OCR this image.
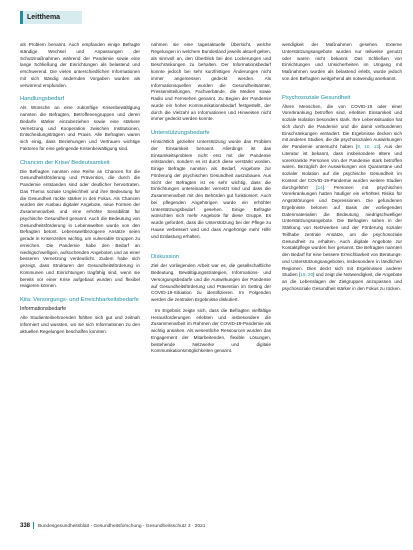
Leitthema

als Problem benannt. Auch empfanden einige Befragte ständige Wechsel und Anpassungen der Schutzmaßnahmen während der Pandemie sowie eine lange Schließung der Einrichtungen als belastend und erschwerend. Die vielen unterschiedlichen Informationen mit sich ständig ändernden Vorgaben wurden als verwirrend empfunden.

Handlungsbedarf

Als Wünsche an eine zukünftige Krisenbewältigung nannten die Befragten, Betroffenengruppen und deren Bedarfe stärker einzubeziehen sowie eine stärkere Vernetzung und Kooperation zwischen Institutionen, Entscheidungsträgern und Praxis. Alle Befragten waren sich einig, dass Beziehungen und Vertrauen wichtige Faktoren für eine gelingende Krisenbewältigung sind.

Chancen der Krise/ Bedeutsamkeit

Die Befragten nannten eine Reihe an Chancen für die Gesundheitsförderung und Prävention, die durch die Pandemie entstanden sind oder deutlicher hervortraten. Das Thema soziale Ungleichheit und ihre Bedeutung für die Gesundheit rückte stärker in den Fokus. Als Chancen wurden der Ausbau digitaler Angebote, neue Formen der Zusammenarbeit und eine erhöhte Sensibilität für psychische Gesundheit genannt. Auch die Bedeutung von Gesundheitsförderung in Lebenswelten wurde von den Befragten betont. Lebensweltbezogene Ansätze seien gerade in Krisenzeiten wichtig, um vulnerable Gruppen zu erreichen. Die Pandemie habe den Bedarf an niedrigschwelligen, aufsuchenden Angeboten und an einer besseren Vernetzung verdeutlicht. Zudem habe sich gezeigt, dass Strukturen der Gesundheitsförderung in Kommunen und Einrichtungen tragfähig sind, wenn sie bereits vor einer Krise aufgebaut wurden und flexibel reagieren können.

Kita: Versorgungs- und Erreichbarkeitsbedarfe
Informationsbedarfe

Alle Studienteilnehmenden fühlten sich gut und zeitnah informiert und wussten, wo sie sich Informationen zu den aktuellen Regelungen beschaffen konnten.

nahmen sie eine tagesaktuelle Übersicht, welche Regelungen in welchem Bundesland jeweils aktuell gelten, als sinnvoll an, den Überblick bei den Lockerungen und Beschränkungen zu behalten. Der Informationsbedarf konnte jedoch bei sehr kurzfristigen Änderungen nicht immer angemessen gedeckt werden. Als Informationsquellen wurden die Gesundheitsämter, Pressemitteilungen, Fachverbände, die Medien sowie Radio und Fernsehen genannt. Zu Beginn der Pandemie wurde ein hoher Kommunikationsbedarf festgestellt, der durch die Vielzahl an Informationen und Hinweisen nicht immer gedeckt werden konnte.

Unterstützungsbedarfe

Hinsichtlich gezielter Unterstützung wurde das Problem der Einsamkeit benannt. Allerdings ist das Einsamkeitsproblem nicht erst mit der Pandemie entstanden, sondern es ist durch diese verstärkt worden. Einige Befragte nannten als Bedarf, Angebote zur Förderung der psychischen Gesundheit auszubauen. Aus Sicht der Befragten ist es sehr wichtig, dass die Einrichtungen untereinander vernetzt sind und dass die Zusammenarbeit mit den Behörden gut funktioniert. Auch bei pflegenden Angehörigen wurde ein erhöhter Unterstützungsbedarf gesehen. Einige Befragte wünschten sich mehr Angebote für diese Gruppe. Es wurde gefordert, dass die Unterstützung bei der Pflege zu Hause verbessert wird und dass Angehörige mehr Hilfe und Entlastung erhalten.

Diskussion

Ziel der vorliegenden Arbeit war es, die gesellschaftliche Bedeutung, Bewältigungsstrategien, Informations- und Versorgungsbedarfe und die Auswirkungen der Pandemie auf Gesundheitsförderung und Prävention im Setting der COVID-19-Situation zu identifizieren. Im Folgenden werden die zentralen Ergebnisse diskutiert.

Im Ergebnis zeigte sich, dass die Befragten vielfältige Herausforderungen erlebten und insbesondere die Zusammenarbeit im Rahmen der COVID-19-Pandemie als wichtig ansahen. Als wesentliche Ressourcen wurden das Engagement der Mitarbeitenden, flexible Lösungen, bestehende Netzwerke und digitale Kommunikationsmöglichkeiten genannt.

wendigkeit der Maßnahmen gesehen. Externe Unterstützungsangebote wurden nur teilweise genutzt oder waren nicht bekannt. Das Schließen von Einrichtungen und Unsicherheiten im Umgang mit Maßnahmen wurden als belastend erlebt, wurde jedoch von den Befragten weitgehend als notwendig anerkannt.

Psychosoziale Gesundheit

Ältere Menschen, die von COVID-19 oder einer Vorerkrankung betroffen sind, erlebten Einsamkeit und soziale Isolation besonders stark. Ihre Lebenssituation hat sich durch die Pandemie und die damit verbundenen Einschränkungen verändert. Die Ergebnisse decken sich mit anderen Studien, die die psychosozialen Auswirkungen der Pandemie untersucht haben [8, 10, 12]. Aus der Literatur ist bekannt, dass insbesondere ältere und vorerkrankte Personen von der Pandemie stark betroffen waren. Bezüglich der Auswirkungen von Quarantäne und sozialer Isolation auf die psychische Gesundheit im Kontext der COVID-19-Pandemie wurden weitere Studien durchgeführt [14]. Personen mit psychischen Vorerkrankungen hatten häufiger ein erhöhtes Risiko für Angststörungen und Depressionen. Die gefundenen Ergebnisse betonen auf Basis der vorliegenden Datenmaterialien die Bedeutung niedrigschwelliger Unterstützungsangebote. Die Befragten sahen in der Stärkung von Netzwerken und der Förderung sozialer Teilhabe zentrale Ansätze, um die psychosoziale Gesundheit zu erhalten. Auch digitale Angebote zur Kontaktpflege wurden hier genannt. Die Befragten nannten den Bedarf für eine bessere Erreichbarkeit von Beratungs- und Unterstützungsangeboten, insbesondere in ländlichen Regionen. Dies deckt sich mit Ergebnissen anderer Studien [19, 20] und zeigt die Notwendigkeit, die Angebote an die Lebenslagen der Zielgruppen anzupassen und psychosoziale Gesundheit stärker in den Fokus zu rücken.

338 Bundesgesundheitsblatt - Gesundheitsforschung - Gesundheitsschutz 3 · 2021
